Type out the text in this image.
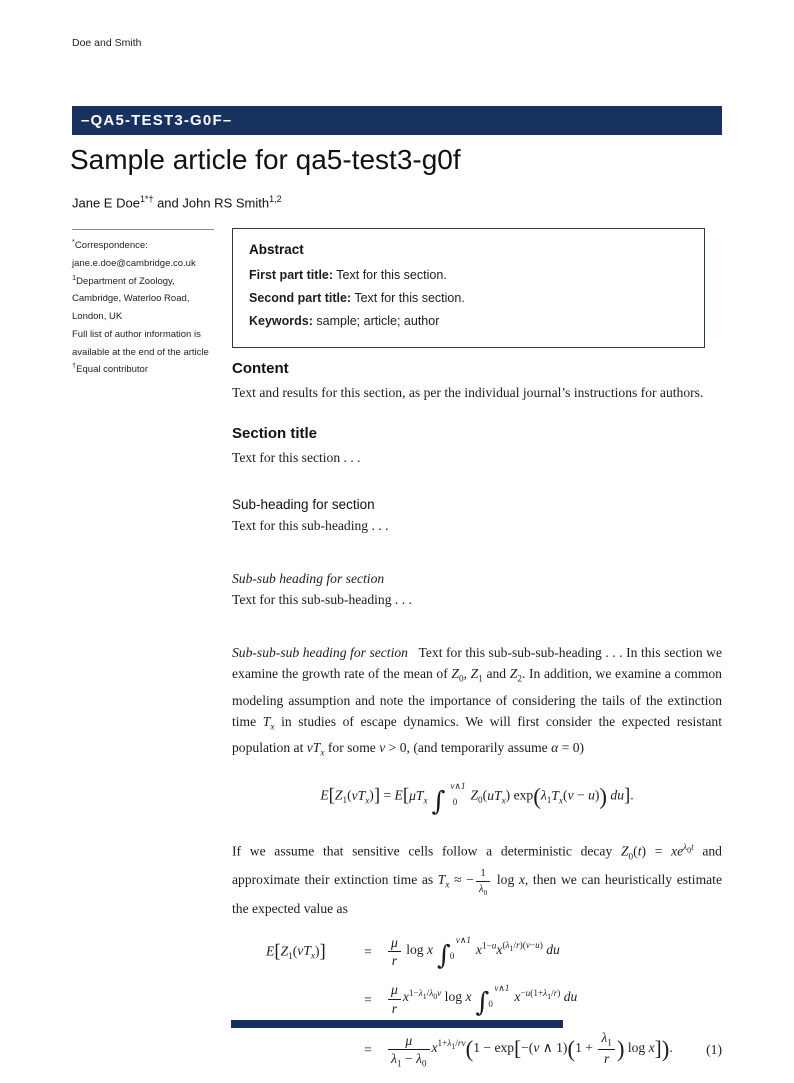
Doe and Smith
–QA5-TEST3-G0F–
Sample article for qa5-test3-g0f
Jane E Doe$^{1*\dagger}$ and John RS Smith$^{1,2}$
*Correspondence:
jane.e.doe@cambridge.co.uk
$^1$Department of Zoology,
Cambridge, Waterloo Road,
London, UK
Full list of author information is
available at the end of the article
†Equal contributor
Abstract
First part title: Text for this section.
Second part title: Text for this section.
Keywords: sample; article; author
Content

Text and results for this section, as per the individual journal’s instructions for authors.

Section title

Text for this section . . .

Sub-heading for section

Text for this sub-heading . . .

Sub-sub heading for section

Text for this sub-sub-heading . . .

Sub-sub-sub heading for section Text for this sub-sub-sub-heading . . . In this section we examine the growth rate of the mean of $Z_0$, $Z_1$ and $Z_2$. In addition, we examine a common modeling assumption and note the importance of considering the tails of the extinction time $T_x$ in studies of escape dynamics. We will first consider the expected resistant population at $vT_x$ for some v > 0, (and temporarily assume α = 0)

$E[Z_1(vT_x)] = E[\mu T_x$ ∫ v∧1
0 $Z_0(uT_x) \exp(\lambda_1T_x(v - u))$ du].

If we assume that sensitive cells follow a deterministic decay $Z_0(t) = xe^{\lambda_0t}$ and approximate their extinction time as $T_x$ ≈ − $\frac{1}{\lambda_0}$ log x, then we can heuristically estimate the expected value as

$E[Z_1(vT_x)]$	=	$\frac{\mu}{r}$ log x ∫ v∧1
0	$x^{1-u}x^{(\lambda_1/r)(v-u)}$ du
=	$\frac{\mu}{r} x^{1-\lambda_1/\lambda_0v}$ log x ∫ v∧1
0	$x^{-u(1+\lambda_1/r)}$ du
=	$\frac{\mu}{\lambda_1 - \lambda_0} x^{1+\lambda_1/rv}(1 - \exp[-(v$ ∧ $1)(1 + \frac{\lambda_1}{r}$ ) log x]).	(1)
